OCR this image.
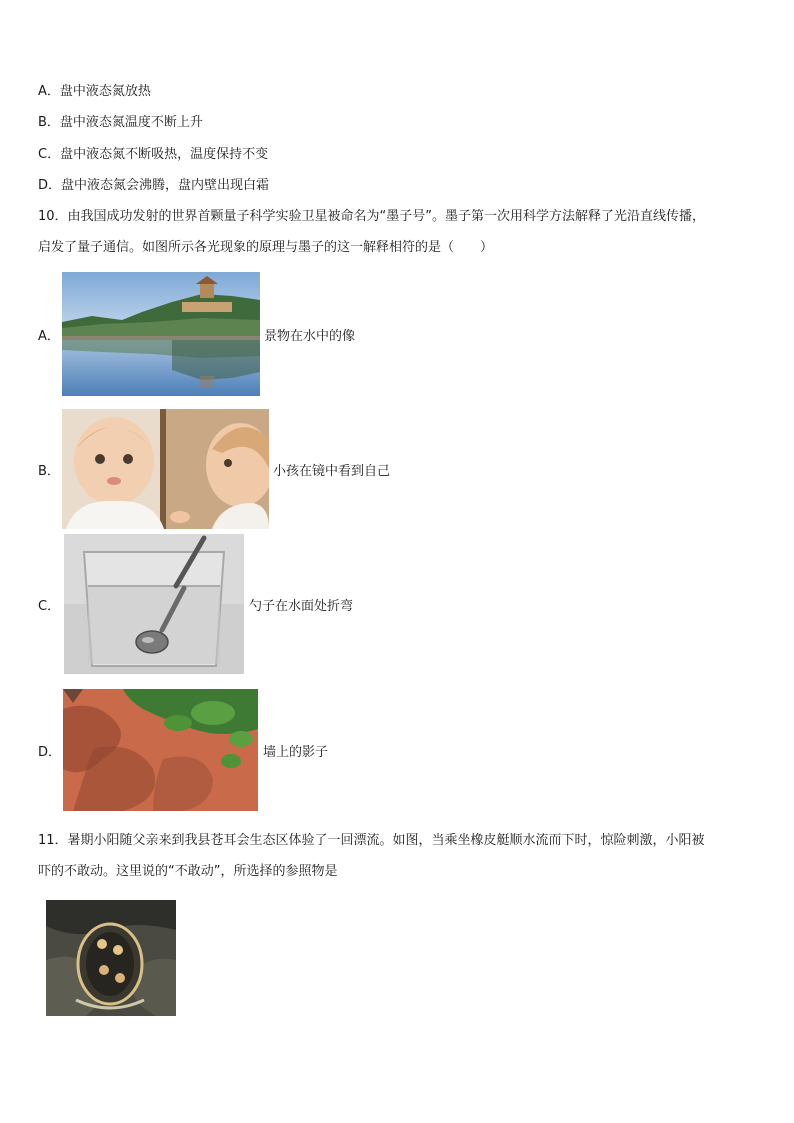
A．盘中液态氮放热
B．盘中液态氮温度不断上升
C．盘中液态氮不断吸热，温度保持不变
D．盘中液态氮会沸腾，盘内壁出现白霜
10．由我国成功发射的世界首颗量子科学实验卫星被命名为“墨子号”。墨子第一次用科学方法解释了光沿直线传播，
启发了量子通信。如图所示各光现象的原理与墨子的这一解释相符的是（　　）
A．	景物在水中的像
B．	小孩在镜中看到自己
C．	勺子在水面处折弯
D．	墙上的影子
11．暑期小阳随父亲来到我县苍耳会生态区体验了一回漂流。如图，当乘坐橡皮艇顺水流而下时，惊险刺激，小阳被
吓的不敢动。这里说的“不敢动”，所选择的参照物是
